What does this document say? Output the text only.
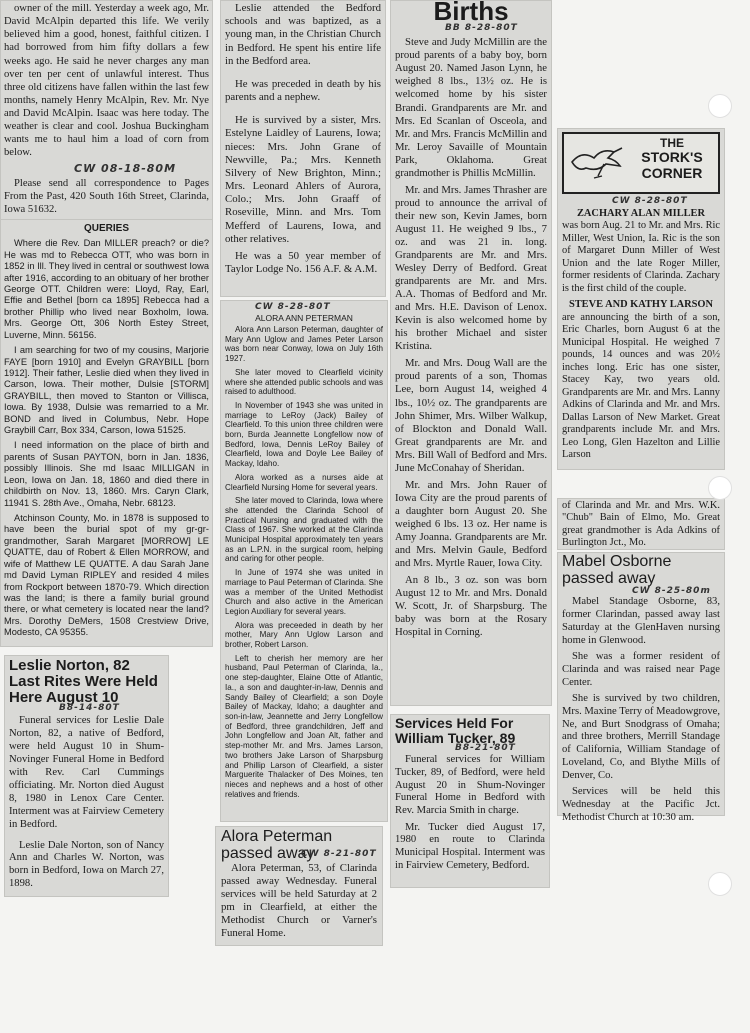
owner of the mill. Yesterday a week ago, Mr. David McAlpin departed this life. We verily believed him a good, honest, faithful citizen. I had borrowed from him fifty dollars a few weeks ago. He said he never charges any man over ten per cent of unlawful interest. Thus three old citizens have fallen within the last few months, namely Henry McAlpin, Rev. Mr. Nye and David McAlpin. Isaac was here today. The weather is clear and cool. Joshua Buckingham wants me to haul him a load of corn from below.

CW 08-18-80M

Please send all correspondence to Pages From the Past, 420 South 16th Street, Clarinda, Iowa 51632.

QUERIES

Where die Rev. Dan MILLER preach? or die? He was md to Rebecca OTT, who was born in 1852 in Ill. They lived in central or southwest Iowa after 1916, according to an obituary of her brother George OTT. Children were: Lloyd, Ray, Earl, Effie and Bethel [born ca 1895] Rebecca had a brother Phillip who lived near Boxholm, Iowa. Mrs. George Ott, 306 North Estey Street, Luverne, Minn. 56156.

I am searching for two of my cousins, Marjorie FAYE [born 1910] and Evelyn GRAYBILL [born 1912]. Their father, Leslie died when they lived in Carson, Iowa. Their mother, Dulsie [STORM] GRAYBILL, then moved to Stanton or Villisca, Iowa. By 1938, Dulsie was remarried to a Mr. BOND and lived in Columbus, Nebr. Hope Graybill Carr, Box 334, Carson, Iowa 51525.

I need information on the place of birth and parents of Susan PAYTON, born in Jan. 1836, possibly Illinois. She md Isaac MILLIGAN in Leon, Iowa on Jan. 18, 1860 and died there in childbirth on Nov. 13, 1860. Mrs. Caryn Clark, 11941 S. 28th Ave., Omaha, Nebr. 68123.

Atchinson County, Mo. in 1878 is supposed to have been the burial spot of my gr-gr-grandmother, Sarah Margaret [MORROW] LE QUATTE, dau of Robert & Ellen MORROW, and wife of Matthew LE QUATTE. A dau Sarah Jane md David Lyman RIPLEY and resided 4 miles from Rockport between 1870-79. Which direction was the land; is there a family burial ground there, or what cemetery is located near the land? Mrs. Dorothy DeMers, 1508 Crestview Drive, Modesto, CA 95355.

Leslie Norton, 82 Last Rites Were Held Here August 10
B8-14-80T

Funeral services for Leslie Dale Norton, 82, a native of Bedford, were held August 10 in Shum-Novinger Funeral Home in Bedford with Rev. Carl Cummings officiating. Mr. Norton died August 8, 1980 in Lenox Care Center. Interment was at Fairview Cemetery in Bedford.

Leslie Dale Norton, son of Nancy Ann and Charles W. Norton, was born in Bedford, Iowa on March 27, 1898.

Leslie attended the Bedford schools and was baptized, as a young man, in the Christian Church in Bedford. He spent his entire life in the Bedford area.

He was preceded in death by his parents and a nephew.

He is survived by a sister, Mrs. Estelyne Laidley of Laurens, Iowa; nieces: Mrs. John Grane of Newville, Pa.; Mrs. Kenneth Silvery of New Brighton, Minn.; Mrs. Leonard Ahlers of Aurora, Colo.; Mrs. John Graaff of Roseville, Minn. and Mrs. Tom Mefferd of Laurens, Iowa, and other relatives.

He was a 50 year member of Taylor Lodge No. 156 A.F. & A.M.

CW 8-28-80T
ALORA ANN PETERMAN

Alora Ann Larson Peterman, daughter of Mary Ann Uglow and James Peter Larson was born near Conway, Iowa on July 16th 1927.

She later moved to Clearfield vicinity where she attended public schools and was raised to adulthood.

In November of 1943 she was united in marriage to LeRoy (Jack) Bailey of Clearfield. To this union three children were born, Burda Jeannette Longfellow now of Bedford, Iowa, Dennis LeRoy Bailey of Clearfield, Iowa and Doyle Lee Bailey of Mackay, Idaho.

Alora worked as a nurses aide at Clearfield Nursing Home for several years.

She later moved to Clarinda, Iowa where she attended the Clarinda School of Practical Nursing and graduated with the Class of 1967. She worked at the Clarinda Municipal Hospital approximately ten years as an L.P.N. in the surgical room, helping and caring for other people.

In June of 1974 she was united in marriage to Paul Peterman of Clarinda. She was a member of the United Methodist Church and also active in the American Legion Auxiliary for several years.

Alora was preceeded in death by her mother, Mary Ann Uglow Larson and brother, Robert Larson.

Left to cherish her memory are her husband, Paul Peterman of Clarinda, Ia., one step-daughter, Elaine Otte of Atlantic, Ia., a son and daughter-in-law, Dennis and Sandy Bailey of Clearfield; a son Doyle Bailey of Mackay, Idaho; a daughter and son-in-law, Jeannette and Jerry Longfellow of Bedford, three grandchildren, Jeff and John Longfellow and Joan Alt, father and step-mother Mr. and Mrs. James Larson, two brothers Jake Larson of Sharpsburg and Phillip Larson of Clearfield, a sister Marguerite Thalacker of Des Moines, ten nieces and nephews and a host of other relatives and friends.

Alora Peterman passed away
CW 8-21-80T

Alora Peterman, 53, of Clarinda passed away Wednesday. Funeral services will be held Saturday at 2 pm in Clearfield, at either the Methodist Church or Varner's Funeral Home.

Births
BB 8-28-80T

Steve and Judy McMillin are the proud parents of a baby boy, born August 20. Named Jason Lynn, he weighed 8 lbs., 13½ oz. He is welcomed home by his sister Brandi. Grandparents are Mr. and Mrs. Ed Scanlan of Osceola, and Mr. and Mrs. Francis McMillin and Mr. Leroy Savaille of Mountain Park, Oklahoma. Great grandmother is Phillis McMillin.

Mr. and Mrs. James Thrasher are proud to announce the arrival of their new son, Kevin James, born August 11. He weighed 9 lbs., 7 oz. and was 21 in. long. Grandparents are Mr. and Mrs. Wesley Derry of Bedford. Great grandparents are Mr. and Mrs. A.A. Thomas of Bedford and Mr. and Mrs. H.E. Davison of Lenox. Kevin is also welcomed home by his brother Michael and sister Kristina.

Mr. and Mrs. Doug Wall are the proud parents of a son, Thomas Lee, born August 14, weighed 4 lbs., 10½ oz. The grandparents are John Shimer, Mrs. Wilber Walkup, of Blockton and Donald Wall. Great grandparents are Mr. and Mrs. Bill Wall of Bedford and Mrs. June McConahay of Sheridan.

Mr. and Mrs. John Rauer of Iowa City are the proud parents of a daughter born August 20. She weighed 6 lbs. 13 oz. Her name is Amy Joanna. Grandparents are Mr. and Mrs. Melvin Gaule, Bedford and Mrs. Myrtle Rauer, Iowa City.

An 8 lb., 3 oz. son was born August 12 to Mr. and Mrs. Donald W. Scott, Jr. of Sharpsburg. The baby was born at the Rosary Hospital in Corning.

Services Held For William Tucker, 89
B8-21-80T

Funeral services for William Tucker, 89, of Bedford, were held August 20 in Shum-Novinger Funeral Home in Bedford with Rev. Marcia Smith in charge.

Mr. Tucker died August 17, 1980 en route to Clarinda Municipal Hospital. Interment was in Fairview Cemetery, Bedford.

THE
STORK'S
CORNER
CW 8-28-80T
ZACHARY ALAN MILLER

was born Aug. 21 to Mr. and Mrs. Ric Miller, West Union, Ia. Ric is the son of Margaret Dunn Miller of West Union and the late Roger Miller, former residents of Clarinda. Zachary is the first child of the couple.

STEVE AND KATHY LARSON

are announcing the birth of a son, Eric Charles, born August 6 at the Municipal Hospital. He weighed 7 pounds, 14 ounces and was 20½ inches long. Eric has one sister, Stacey Kay, two years old. Grandparents are Mr. and Mrs. Lanny Adkins of Clarinda and Mr. and Mrs. Dallas Larson of New Market. Great grandparents include Mr. and Mrs. Leo Long, Glen Hazelton and Lillie Larson

of Clarinda and Mr. and Mrs. W.K. "Chub" Bain of Elmo, Mo. Great great grandmother is Ada Adkins of Burlington Jct., Mo.

Mabel Osborne passed away
CW 8-25-80m

Mabel Standage Osborne, 83, former Clarindan, passed away last Saturday at the GlenHaven nursing home in Glenwood.

She was a former resident of Clarinda and was raised near Page Center.

She is survived by two children, Mrs. Maxine Terry of Meadowgrove, Ne, and Burt Snodgrass of Omaha; and three brothers, Merrill Standage of California, William Standage of Loveland, Co, and Blythe Mills of Denver, Co.

Services will be held this Wednesday at the Pacific Jct. Methodist Church at 10:30 am.
